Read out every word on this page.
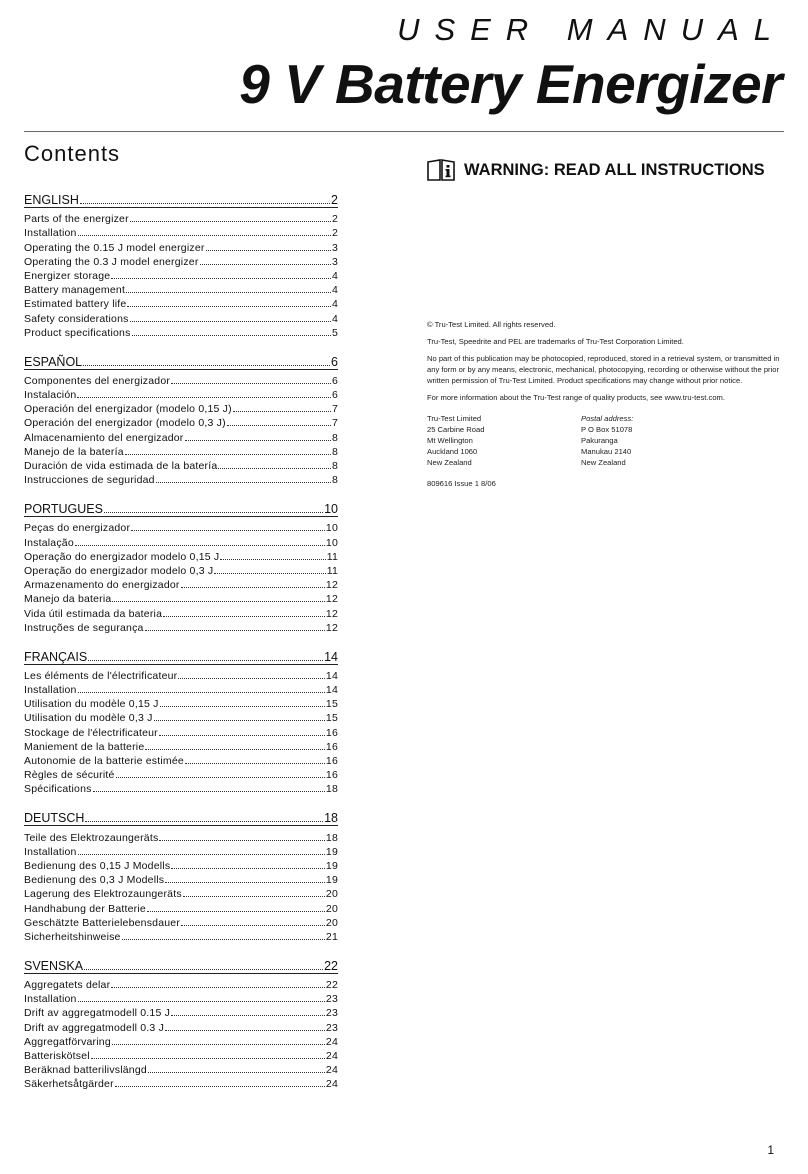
USER MANUAL
9 V Battery Energizer
Contents
ENGLISH	2
Parts of the energizer	2
Installation	2
Operating the 0.15 J model energizer	3
Operating the 0.3 J model energizer	3
Energizer storage	4
Battery management	4
Estimated battery life	4
Safety considerations	4
Product specifications	5
ESPAÑOL	6
Componentes del energizador	6
Instalación	6
Operación del energizador (modelo 0,15 J)	7
Operación del energizador (modelo 0,3 J)	7
Almacenamiento del energizador	8
Manejo de la batería	8
Duración de vida estimada de la batería	8
Instrucciones de seguridad	8
PORTUGUES	10
Peças do energizador	10
Instalação	10
Operação do energizador modelo 0,15 J	11
Operação do energizador modelo 0,3 J	11
Armazenamento do energizador	12
Manejo da bateria	12
Vida útil estimada da bateria	12
Instruções de segurança	12
FRANÇAIS	14
Les éléments de l'électrificateur	14
Installation	14
Utilisation du modèle 0,15 J	15
Utilisation du modèle 0,3 J	15
Stockage de l'électrificateur	16
Maniement de la batterie	16
Autonomie de la batterie estimée	16
Règles de sécurité	16
Spécifications	18
DEUTSCH	18
Teile des Elektrozaungeräts	18
Installation	19
Bedienung des 0,15 J Modells	19
Bedienung des 0,3 J Modells	19
Lagerung des Elektrozaungeräts	20
Handhabung der Batterie	20
Geschätzte Batterielebensdauer	20
Sicherheitshinweise	21
SVENSKA	22
Aggregatets delar	22
Installation	23
Drift av aggregatmodell 0.15 J	23
Drift av aggregatmodell 0.3 J	23
Aggregatförvaring	24
Batteriskötsel	24
Beräknad batterilivslängd	24
Säkerhetsåtgärder	24
WARNING: READ ALL INSTRUCTIONS

© Tru-Test Limited. All rights reserved.

Tru-Test, Speedrite and PEL are trademarks of Tru-Test Corporation Limited.

No part of this publication may be photocopied, reproduced, stored in a retrieval system, or transmitted in any form or by any means, electronic, mechanical, photocopying, recording or otherwise without the prior written permission of Tru-Test Limited. Product specifications may change without prior notice.

For more information about the Tru-Test range of quality products, see www.tru-test.com.

Tru-Test Limited
25 Carbine Road
Mt Wellington
Auckland 1060
New Zealand
Postal address:
P O Box 51078
Pakuranga
Manukau 2140
New Zealand
809616 Issue 1 8/06
1
